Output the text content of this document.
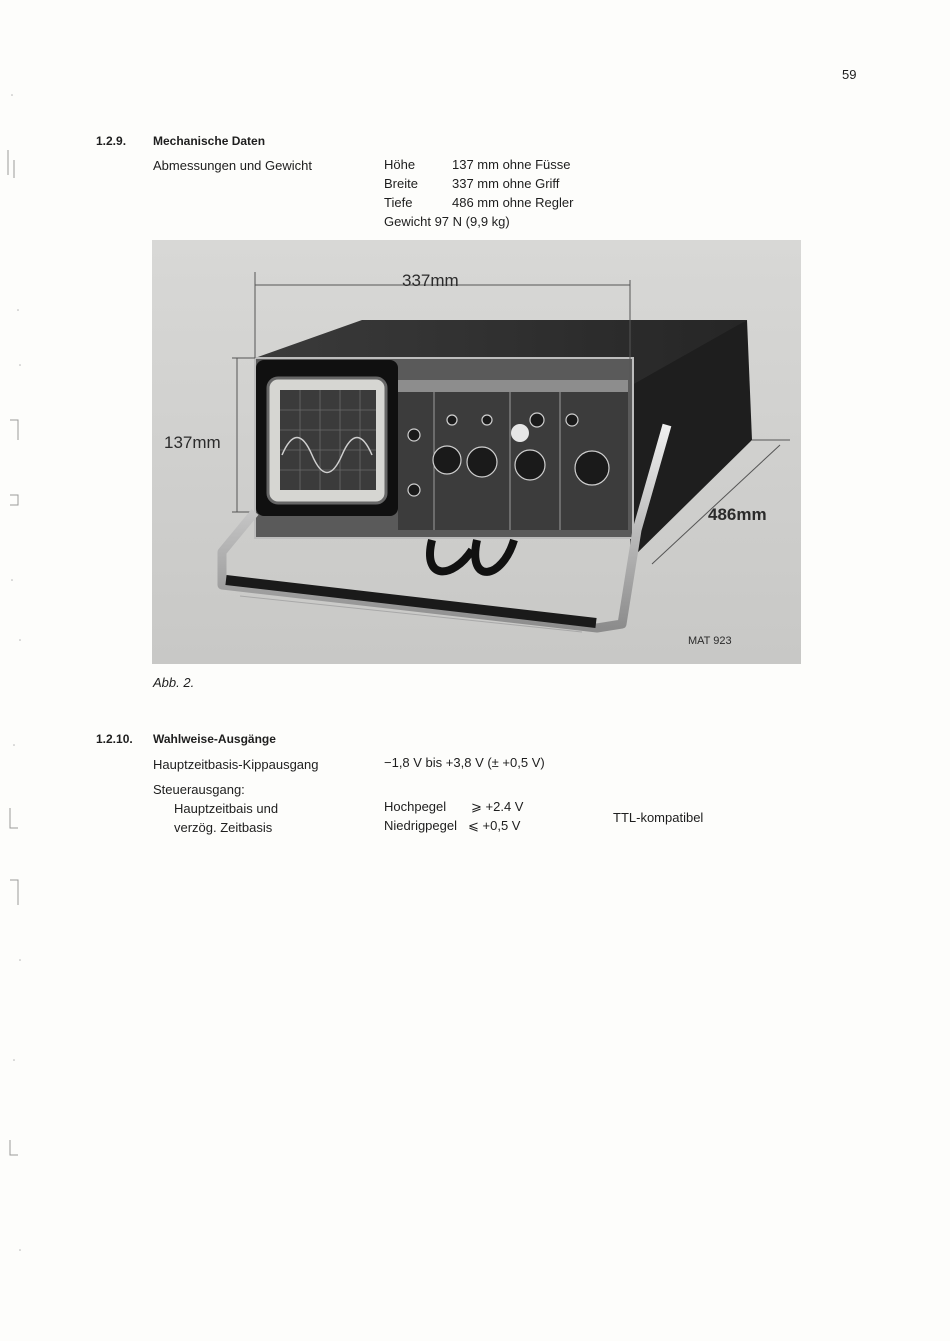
59
1.2.9. Mechanische Daten
Abmessungen und Gewicht	Höhe	137 mm ohne Füsse
Breite	337 mm ohne Griff
Tiefe	486 mm ohne Regler
Gewicht 97 N (9,9 kg)
337mm
137mm
486mm
MAT 923
Abb. 2.
1.2.10. Wahlweise-Ausgänge
Hauptzeitbasis-Kippausgang	−1,8 V bis +3,8 V (± +0,5 V)
Steuerausgang:
Hauptzeitbais und
verzög. Zeitbasis
Hochpegel ⩾ +2.4 V
Niedrigpegel ⩽ +0,5 V
TTL-kompatibel
